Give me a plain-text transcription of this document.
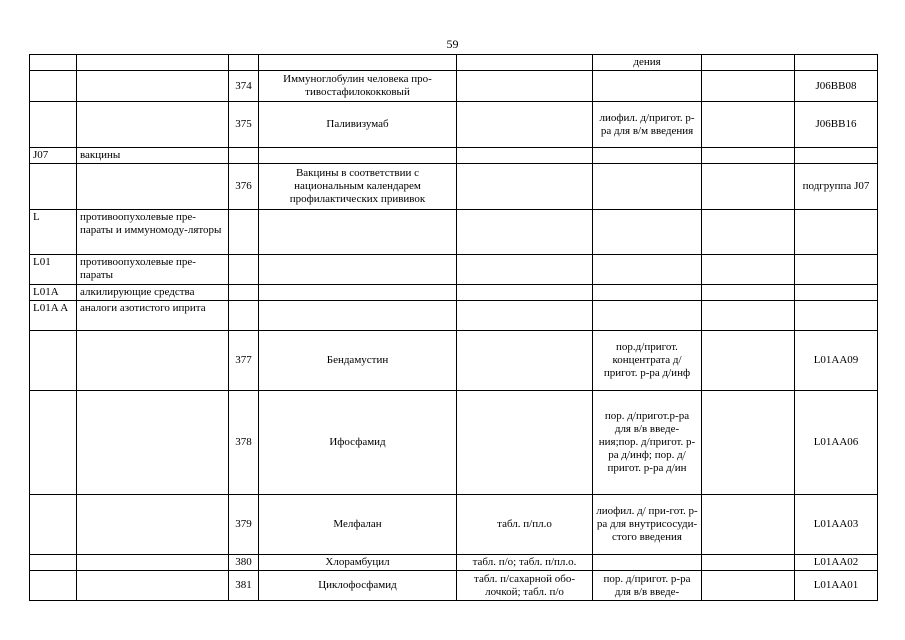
59
					дения		
		374	Иммуноглобулин человека про-тивостафилококковый				J06BB08
		375	Паливизумаб		лиофил. д/пригот. р-ра для в/м введения		J06BB16
J07	вакцины						
		376	Вакцины в соответствии с национальным календарем профилактических прививок				подгруппа J07
L	противоопухолевые пре-параты и иммуномоду-ляторы						
L01	противоопухолевые пре-параты						
L01A	алкилирующие средства						
L01A A	аналоги азотистого иприта						
		377	Бендамустин		пор.д/пригот. концентрата д/пригот. р-ра д/инф		L01AA09
		378	Ифосфамид		пор. д/пригот.р-ра для в/в введе-ния;пор. д/пригот. р-ра д/инф; пор. д/пригот. р-ра д/ин		L01AA06
		379	Мелфалан	табл. п/пл.о	лиофил. д/ при-гот. р-ра для внутрисосуди-стого введения		L01AA03
		380	Хлорамбуцил	табл. п/о; табл. п/пл.о.			L01AA02
		381	Циклофосфамид	табл. п/сахарной обо-лочкой; табл. п/о	пор. д/пригот. р-ра для в/в введе-		L01AA01
